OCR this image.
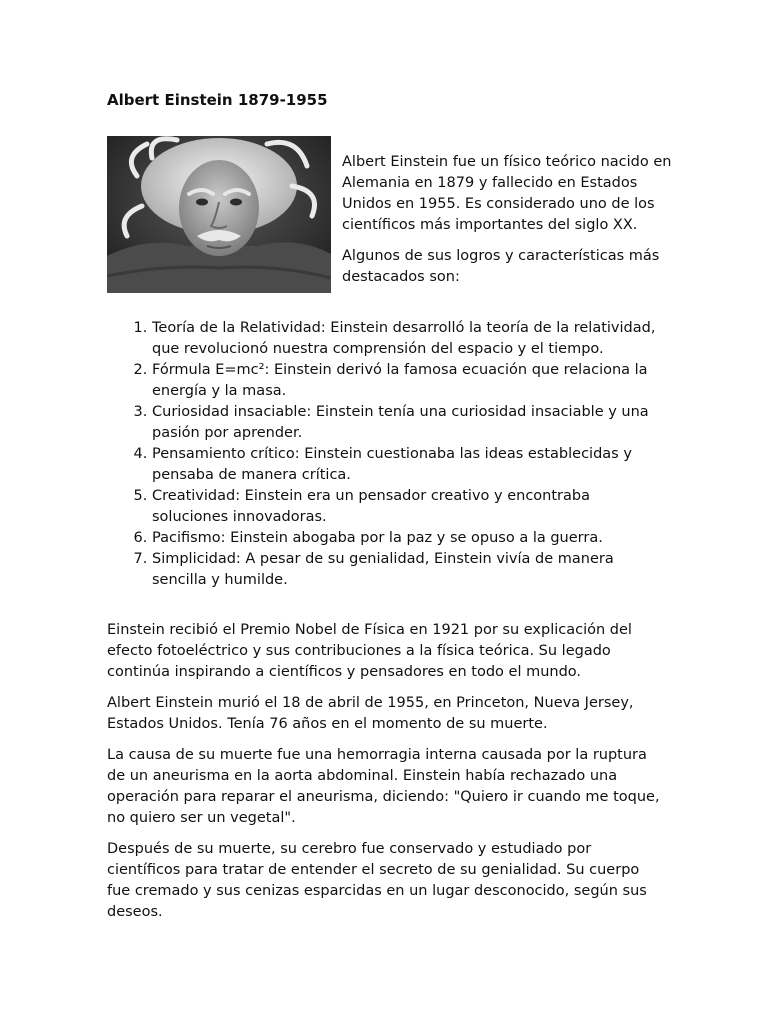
Albert Einstein 1879-1955

Albert Einstein fue un físico teórico nacido en Alemania en 1879 y fallecido en Estados Unidos en 1955. Es considerado uno de los científicos más importantes del siglo XX.

Algunos de sus logros y características más destacados son:

1. Teoría de la Relatividad: Einstein desarrolló la teoría de la relatividad, que revolucionó nuestra comprensión del espacio y el tiempo.
2. Fórmula E=mc²: Einstein derivó la famosa ecuación que relaciona la energía y la masa.
3. Curiosidad insaciable: Einstein tenía una curiosidad insaciable y una pasión por aprender.
4. Pensamiento crítico: Einstein cuestionaba las ideas establecidas y pensaba de manera crítica.
5. Creatividad: Einstein era un pensador creativo y encontraba soluciones innovadoras.
6. Pacifismo: Einstein abogaba por la paz y se opuso a la guerra.
7. Simplicidad: A pesar de su genialidad, Einstein vivía de manera sencilla y humilde.

Einstein recibió el Premio Nobel de Física en 1921 por su explicación del efecto fotoeléctrico y sus contribuciones a la física teórica. Su legado continúa inspirando a científicos y pensadores en todo el mundo.

Albert Einstein murió el 18 de abril de 1955, en Princeton, Nueva Jersey, Estados Unidos. Tenía 76 años en el momento de su muerte.

La causa de su muerte fue una hemorragia interna causada por la ruptura de un aneurisma en la aorta abdominal. Einstein había rechazado una operación para reparar el aneurisma, diciendo: "Quiero ir cuando me toque, no quiero ser un vegetal".

Después de su muerte, su cerebro fue conservado y estudiado por científicos para tratar de entender el secreto de su genialidad. Su cuerpo fue cremado y sus cenizas esparcidas en un lugar desconocido, según sus deseos.
